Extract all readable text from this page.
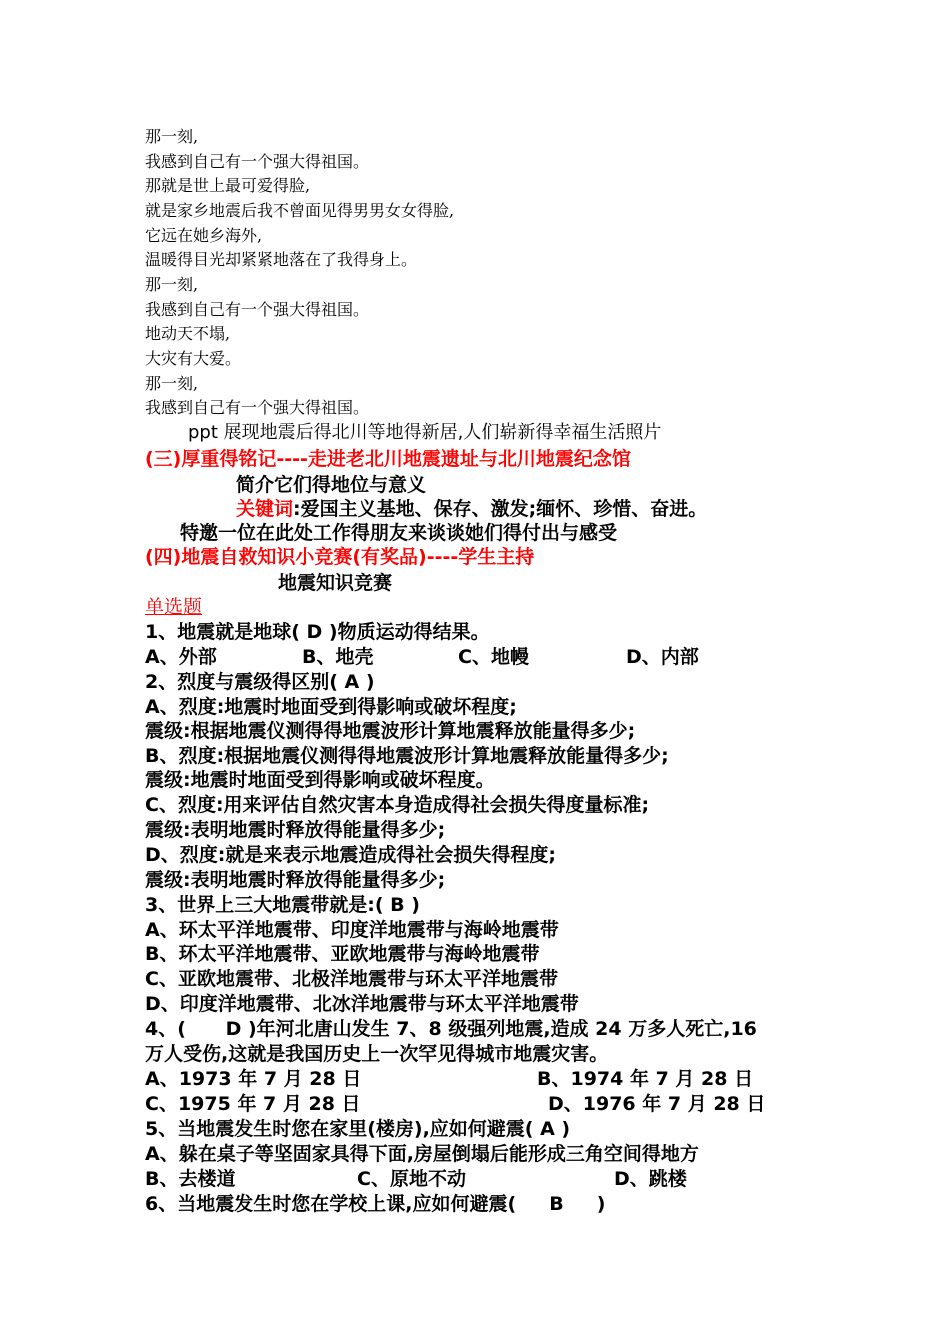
那一刻,
我感到自己有一个强大得祖国。
那就是世上最可爱得脸,
就是家乡地震后我不曾面见得男男女女得脸,
它远在她乡海外,
温暖得目光却紧紧地落在了我得身上。
那一刻,
我感到自己有一个强大得祖国。
地动天不塌,
大灾有大爱。
那一刻,
我感到自己有一个强大得祖国。
ppt 展现地震后得北川等地得新居,人们崭新得幸福生活照片
(三)厚重得铭记----走进老北川地震遗址与北川地震纪念馆
简介它们得地位与意义
关键词:爱国主义基地、保存、激发;缅怀、珍惜、奋进。
特邀一位在此处工作得朋友来谈谈她们得付出与感受
(四)地震自救知识小竞赛(有奖品)----学生主持
地震知识竞赛
单选题
1、地震就是地球( D )物质运动得结果。
A、外部	B、地壳	C、地幔	D、内部
2、烈度与震级得区别( A )
A、烈度:地震时地面受到得影响或破坏程度;
震级:根据地震仪测得得地震波形计算地震释放能量得多少;
B、烈度:根据地震仪测得得地震波形计算地震释放能量得多少;
震级:地震时地面受到得影响或破坏程度。
C、烈度:用来评估自然灾害本身造成得社会损失得度量标准;
震级:表明地震时释放得能量得多少;
D、烈度:就是来表示地震造成得社会损失得程度;
震级:表明地震时释放得能量得多少;
3、世界上三大地震带就是:( B )
A、环太平洋地震带、印度洋地震带与海岭地震带
B、环太平洋地震带、亚欧地震带与海岭地震带
C、亚欧地震带、北极洋地震带与环太平洋地震带
D、印度洋地震带、北冰洋地震带与环太平洋地震带
4、(      D )年河北唐山发生 7、8 级强列地震,造成 24 万多人死亡,16
万人受伤,这就是我国历史上一次罕见得城市地震灾害。
A、1973 年 7 月 28 日	B、1974 年 7 月 28 日
C、1975 年 7 月 28 日	D、1976 年 7 月 28 日
5、当地震发生时您在家里(楼房),应如何避震( A )
A、躲在桌子等坚固家具得下面,房屋倒塌后能形成三角空间得地方
B、去楼道	C、原地不动	D、跳楼
6、当地震发生时您在学校上课,应如何避震(     B     )
